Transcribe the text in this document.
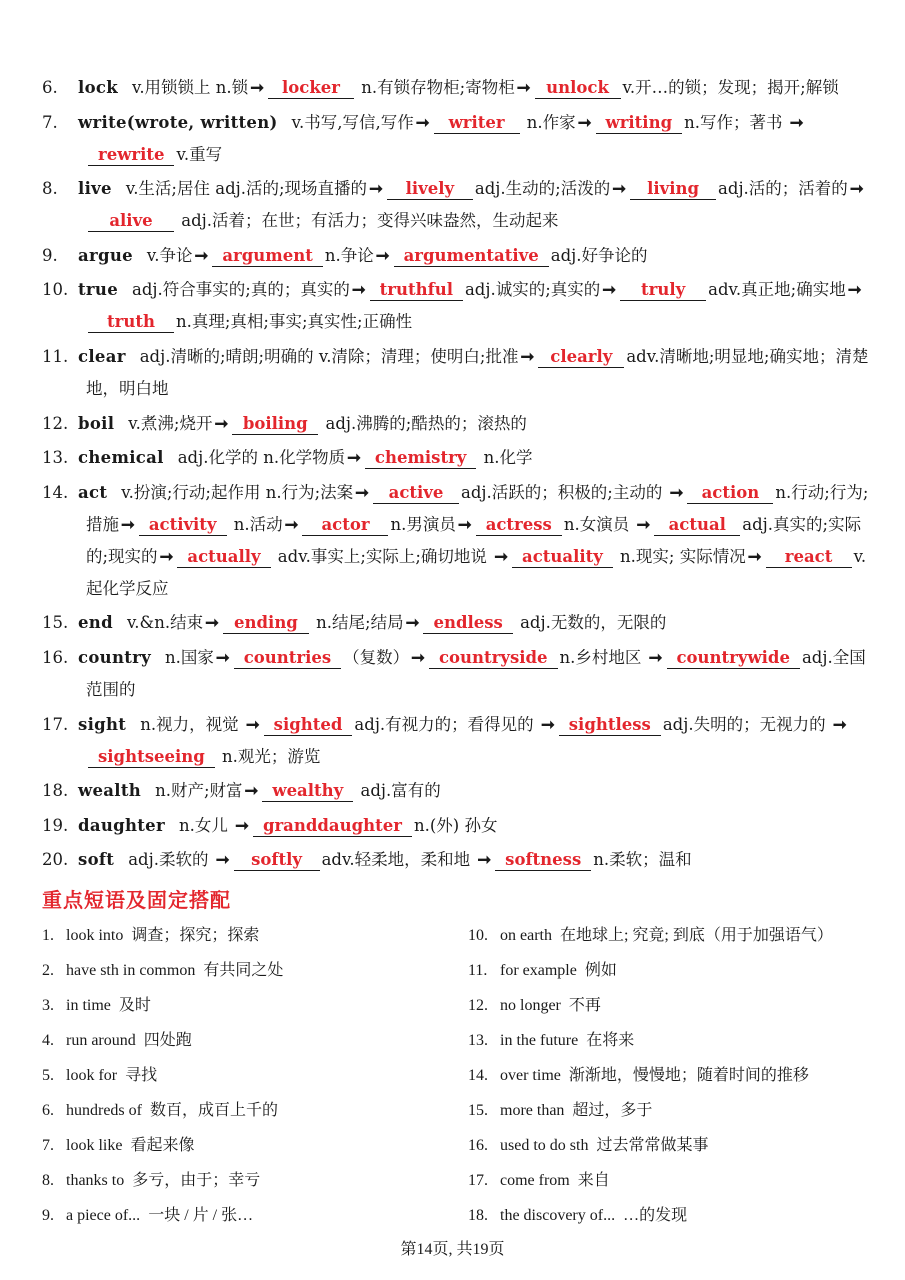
6. lock v.用锁锁上 n.锁 ➞ locker n.有锁存物柜;寄物柜 ➞ unlock v.开…的锁；发现；揭开;解锁
7. write(wrote, written) v.书写,写信,写作 ➞ writer n.作家 ➞ writing n.写作；著书 ➞rewrite v.重写
8. live v.生活;居住 adj.活的;现场直播的 ➞ lively adj.生动的;活泼的 ➞ living adj.活的；活着的 ➞alive adj.活着；在世；有活力；变得兴味盎然，生动起来
9. argue v.争论 ➞ argument n.争论 ➞ argumentative adj.好争论的
10. true adj.符合事实的;真的；真实的 ➞ truthful adj.诚实的;真实的 ➞ truly adv.真正地;确实地 ➞truth n.真理;真相;事实;真实性;正确性
11. clear adj.清晰的;晴朗;明确的 v.清除；清理；使明白;批准 ➞ clearly adv.清晰地;明显地;确实地；清楚地，明白地
12. boil v.煮沸;烧开 ➞ boiling adj.沸腾的;酷热的；滚热的
13. chemical adj.化学的 n.化学物质 ➞ chemistry n.化学
14. act v.扮演;行动;起作用 n.行为;法案 ➞ active adj.活跃的；积极的;主动的 ➞ action n.行动;行为;措施 ➞ activity n.活动 ➞ actor n.男演员 ➞ actress n.女演员 ➞ actual adj.真实的;实际的;现实的 ➞ actually adv.事实上;实际上;确切地说 ➞ actuality n.现实; 实际情况 ➞ react v.起化学反应
15. end v.&n.结束 ➞ ending n.结尾;结局 ➞ endless adj.无数的，无限的
16. country n.国家 ➞ countries （复数） ➞ countryside n.乡村地区 ➞ countrywide adj.全国范围的
17. sight n.视力，视觉 ➞ sighted adj.有视力的；看得见的 ➞ sightless adj.失明的；无视力的 ➞sightseeing n.观光；游览
18. wealth n.财产;财富 ➞ wealthy adj.富有的
19. daughter n.女儿 ➞ granddaughter n.(外) 孙女
20. soft adj.柔软的 ➞ softly adv.轻柔地，柔和地 ➞ softness n.柔软；温和
重点短语及固定搭配
1. look into 调查；探究；探索
2. have sth in common 有共同之处
3. in time 及时
4. run around 四处跑
5. look for 寻找
6. hundreds of 数百，成百上千的
7. look like 看起来像
8. thanks to 多亏，由于；幸亏
9. a piece of... 一块 / 片 / 张…
10. on earth 在地球上; 究竟; 到底（用于加强语气）
11. for example 例如
12. no longer 不再
13. in the future 在将来
14. over time 渐渐地，慢慢地；随着时间的推移
15. more than 超过，多于
16. used to do sth 过去常常做某事
17. come from 来自
18. the discovery of... …的发现
第14页, 共19页
